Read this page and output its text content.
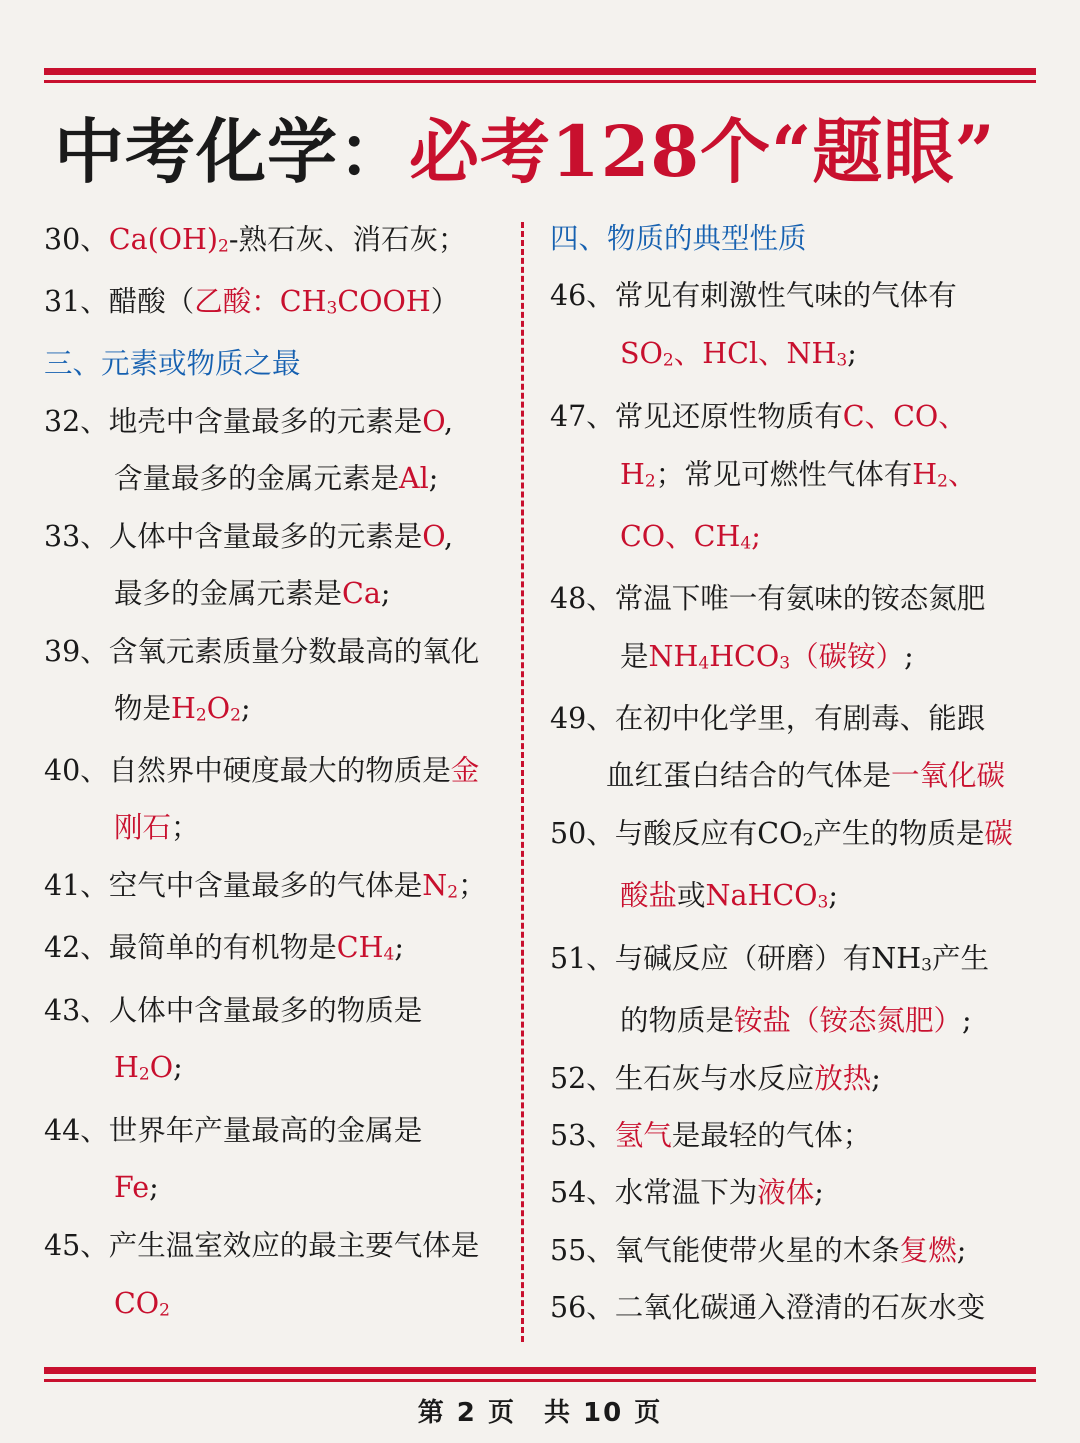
中考化学：必考128个“题眼”
30、$Ca(OH)_2-$熟石灰、消石灰；
31、醋酸（乙酸：$CH_3COOH$）
三、元素或物质之最
32、地壳中含量最多的元素是O,
含量最多的金属元素是Al;
33、人体中含量最多的元素是O,
最多的金属元素是Ca;
39、含氧元素质量分数最高的氧化
物是$H_2O_2$;
40、自然界中硬度最大的物质是金
刚石；
41、空气中含量最多的气体是$N_2$；
42、最简单的有机物是$CH_4$;
43、人体中含量最多的物质是
$H_2O$;
44、世界年产量最高的金属是
Fe;
45、产生温室效应的最主要气体是
$CO_2$
四、物质的典型性质
46、常见有刺激性气味的气体有
$SO_2$、HCl、$NH_3$;
47、常见还原性物质有C、CO、
$H_2$；常见可燃性气体有$H_2$、
CO、$CH_4$;
48、常温下唯一有氨味的铵态氮肥
是$NH_4HCO_3$（碳铵）;
49、在初中化学里，有剧毒、能跟
血红蛋白结合的气体是一氧化碳
50、与酸反应有$CO_2$产生的物质是碳
酸盐或NaHCO$_3$;
51、与碱反应（研磨）有$NH_3$产生
的物质是铵盐（铵态氮肥）;
52、生石灰与水反应放热;
53、氢气是最轻的气体；
54、水常温下为液体;
55、氧气能使带火星的木条复燃;
56、二氧化碳通入澄清的石灰水变
第 2 页　共 10 页
